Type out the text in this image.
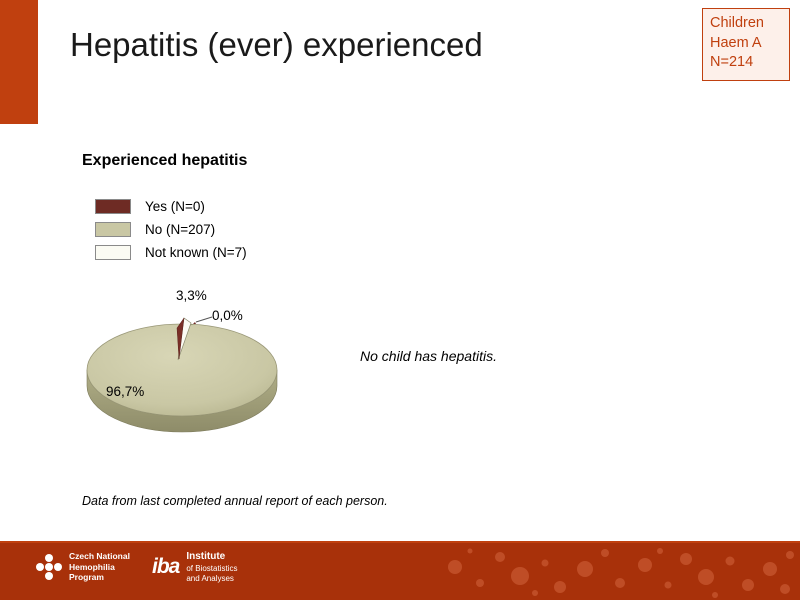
Hepatitis (ever) experienced
Children
Haem A
N=214
Experienced hepatitis
Yes (N=0)
No (N=207)
Not known (N=7)
3,3%
0,0%
96,7%
No child has hepatitis.
Data from last completed annual report of each person.
Czech National
Hemophilia
Program	iba Institute
of Biostatistics
and Analyses
